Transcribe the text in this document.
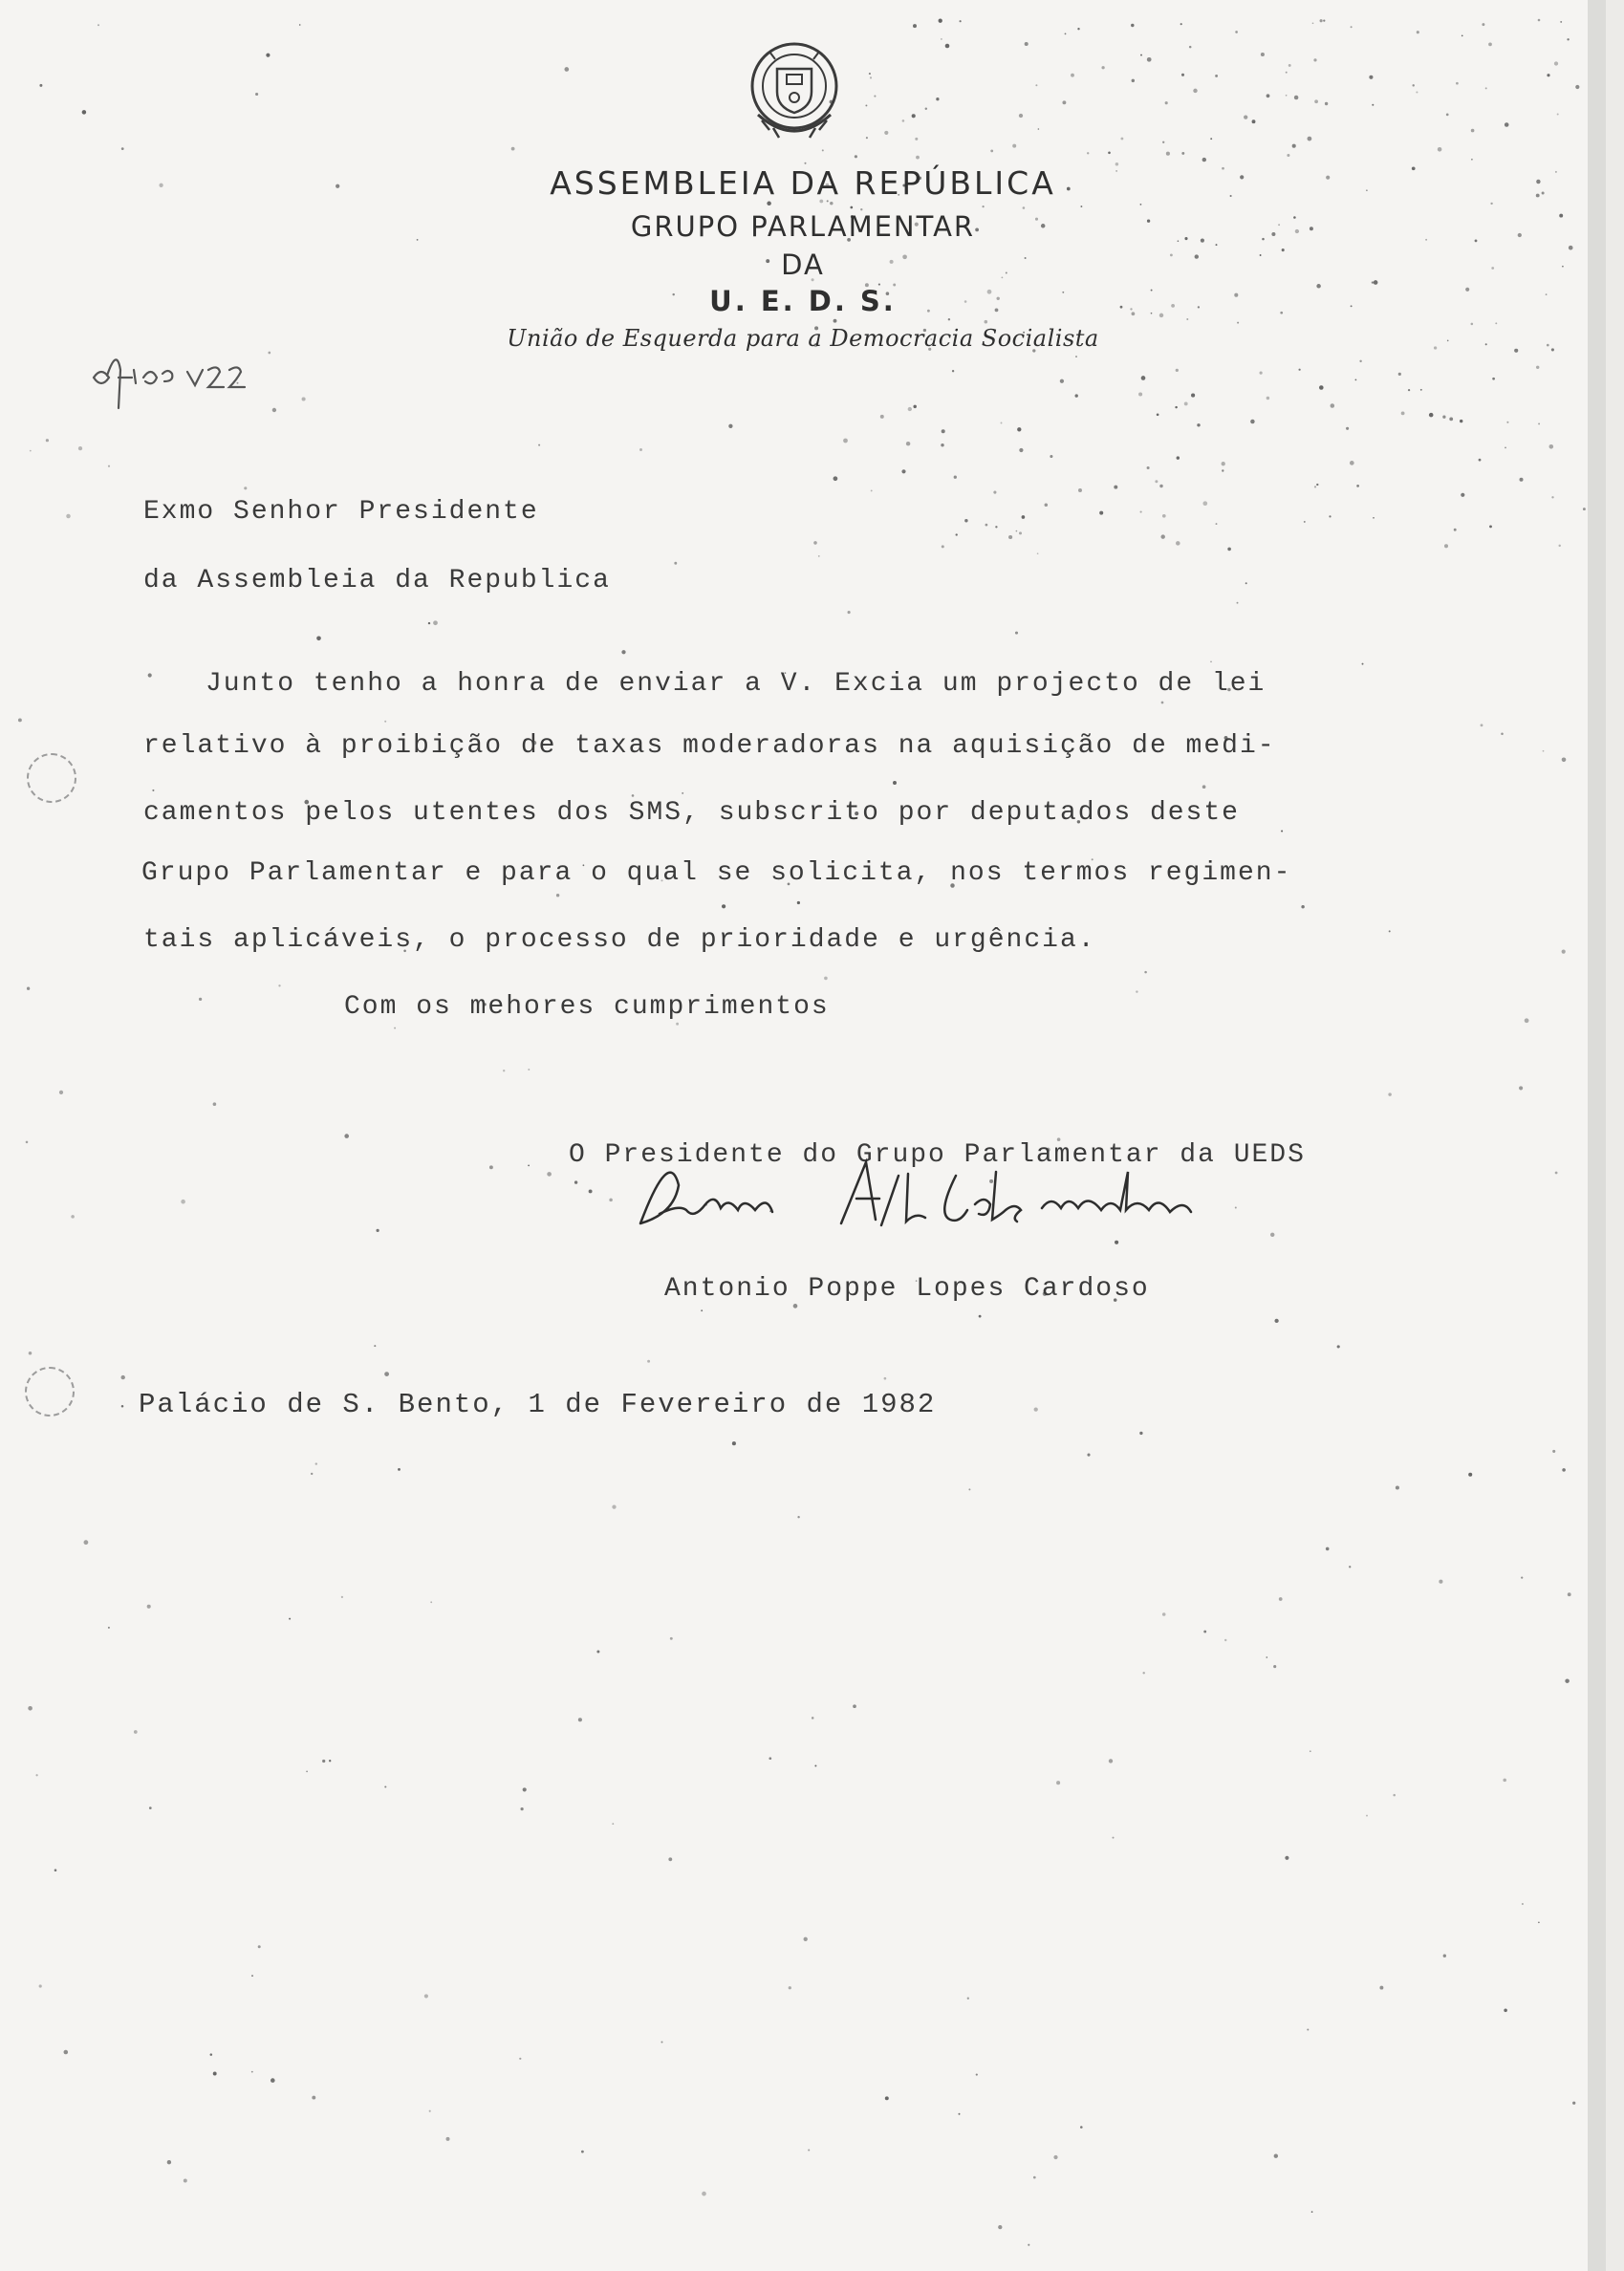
ASSEMBLEIA DA REPÚBLICA
GRUPO PARLAMENTAR
DA
U. E. D. S.
União de Esquerda para a Democracia Socialista
Exmo Senhor Presidente
da Assembleia da Republica
Junto tenho a honra de enviar a V. Excia um projecto de lei
relativo à proibição de taxas moderadoras na aquisição de medi-
camentos pelos utentes dos SMS, subscrito por deputados deste
Grupo Parlamentar e para o qual se solicita, nos termos regimen-
tais aplicáveis, o processo de prioridade e urgência.
Com os mehores cumprimentos
O Presidente do Grupo Parlamentar da UEDS
Antonio Poppe Lopes Cardoso
Palácio de S. Bento, 1 de Fevereiro de 1982
